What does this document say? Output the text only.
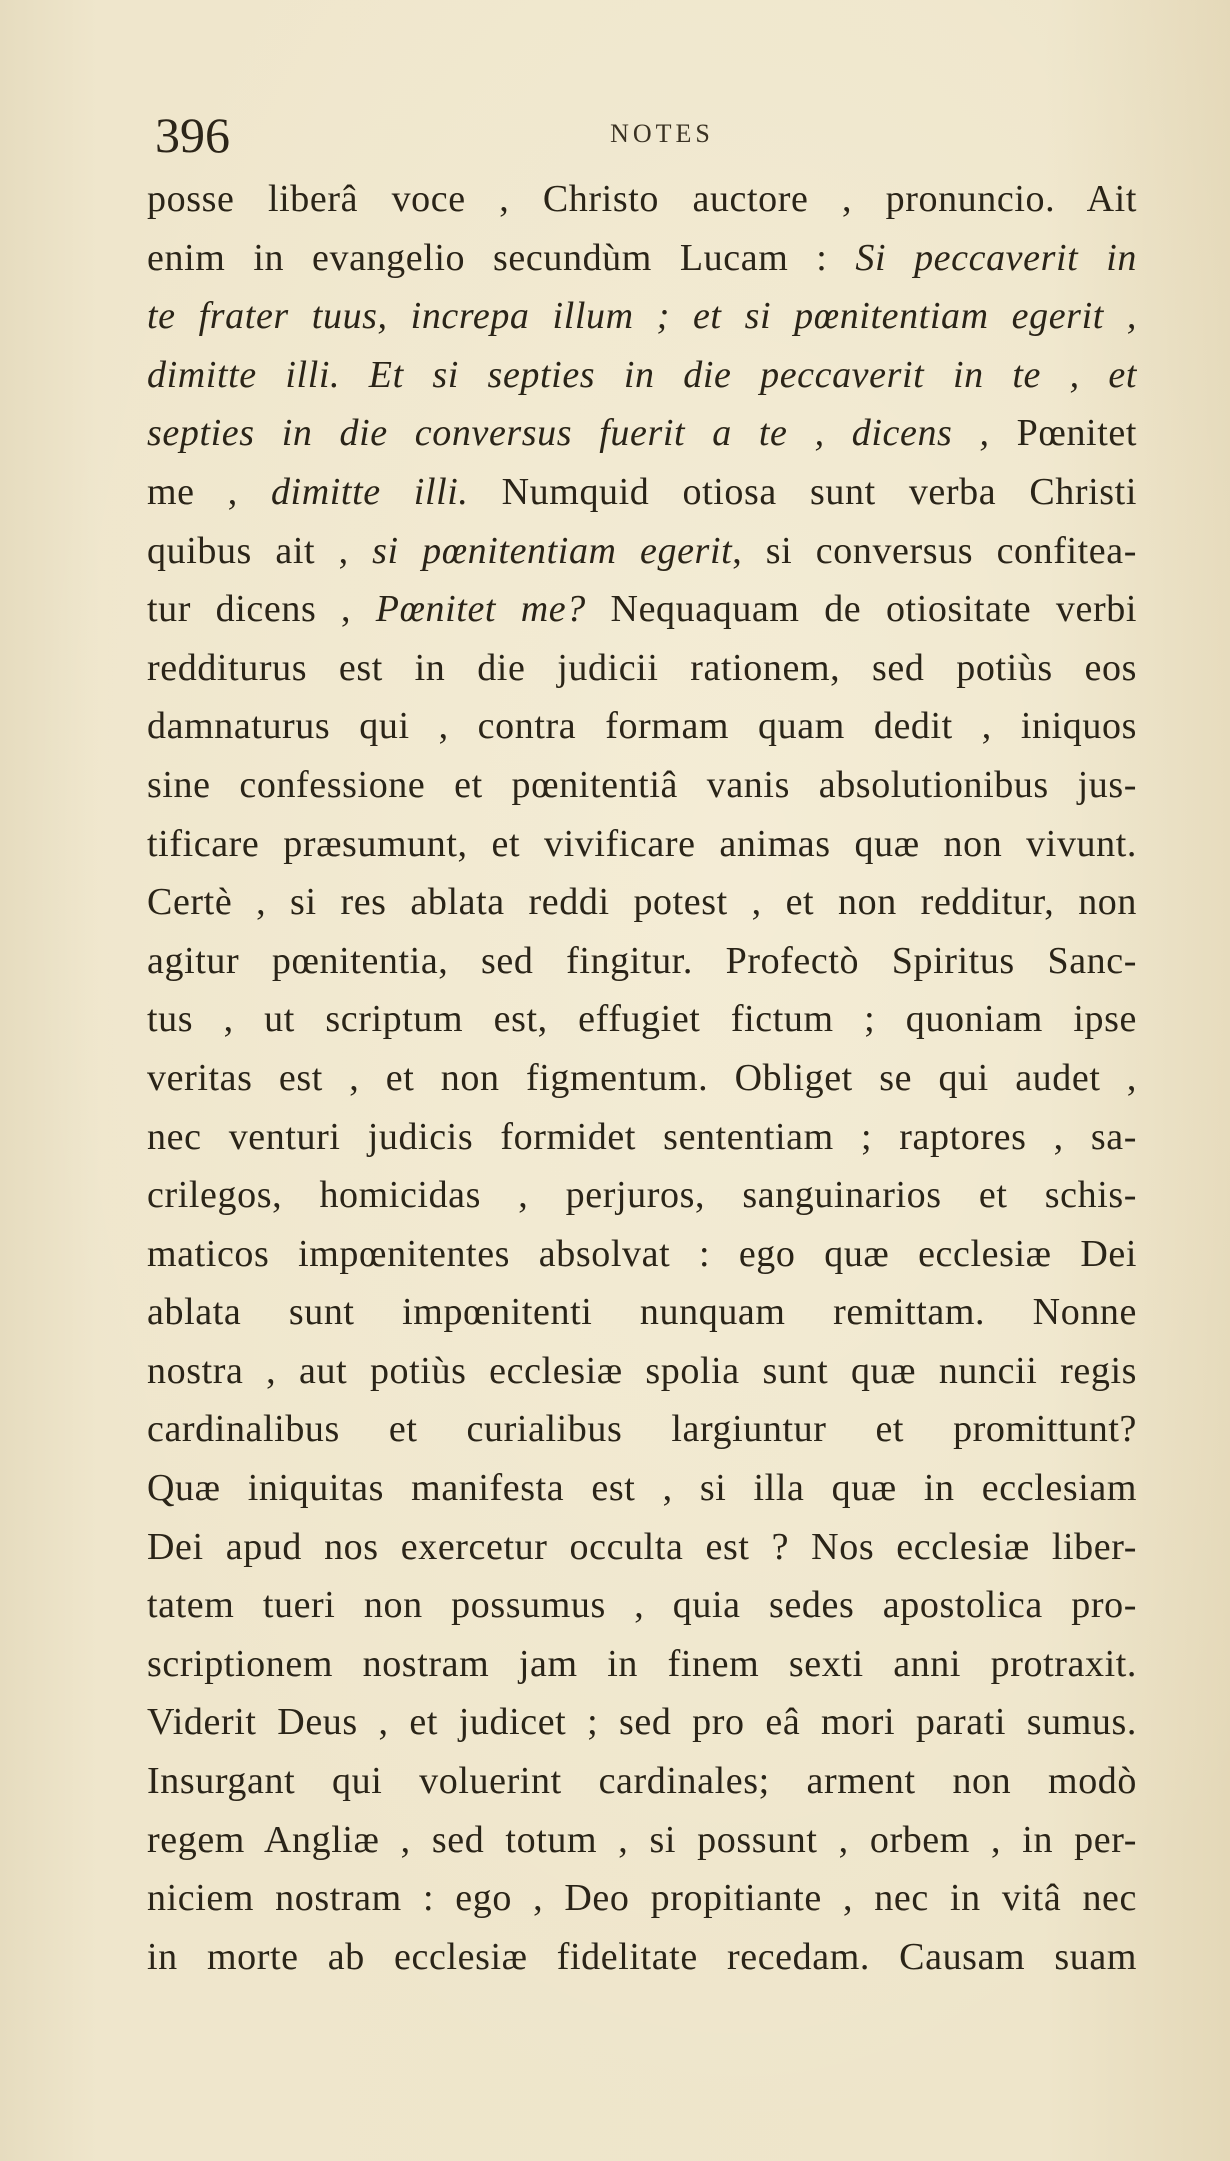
396	NOTES
posse liberâ voce , Christo auctore , pronuncio. Ait
enim in evangelio secundùm Lucam : Si peccaverit in
te frater tuus, increpa illum ; et si pœnitentiam egerit ,
dimitte illi. Et si septies in die peccaverit in te , et
septies in die conversus fuerit a te , dicens , Pœnitet
me , dimitte illi. Numquid otiosa sunt verba Christi
quibus ait , si pœnitentiam egerit, si conversus confitea-
tur dicens , Pœnitet me? Nequaquam de otiositate verbi
redditurus est in die judicii rationem, sed potiùs eos
damnaturus qui , contra formam quam dedit , iniquos
sine confessione et pœnitentiâ vanis absolutionibus jus-
tificare præsumunt, et vivificare animas quæ non vivunt.
Certè , si res ablata reddi potest , et non redditur, non
agitur pœnitentia, sed fingitur. Profectò Spiritus Sanc-
tus , ut scriptum est, effugiet fictum ; quoniam ipse
veritas est , et non figmentum. Obliget se qui audet ,
nec venturi judicis formidet sententiam ; raptores , sa-
crilegos, homicidas , perjuros, sanguinarios et schis-
maticos impœnitentes absolvat : ego quæ ecclesiæ Dei
ablata sunt impœnitenti nunquam remittam. Nonne
nostra , aut potiùs ecclesiæ spolia sunt quæ nuncii regis
cardinalibus et curialibus largiuntur et promittunt?
Quæ iniquitas manifesta est , si illa quæ in ecclesiam
Dei apud nos exercetur occulta est ? Nos ecclesiæ liber-
tatem tueri non possumus , quia sedes apostolica pro-
scriptionem nostram jam in finem sexti anni protraxit.
Viderit Deus , et judicet ; sed pro eâ mori parati sumus.
Insurgant qui voluerint cardinales; arment non modò
regem Angliæ , sed totum , si possunt , orbem , in per-
niciem nostram : ego , Deo propitiante , nec in vitâ nec
in morte ab ecclesiæ fidelitate recedam. Causam suam
